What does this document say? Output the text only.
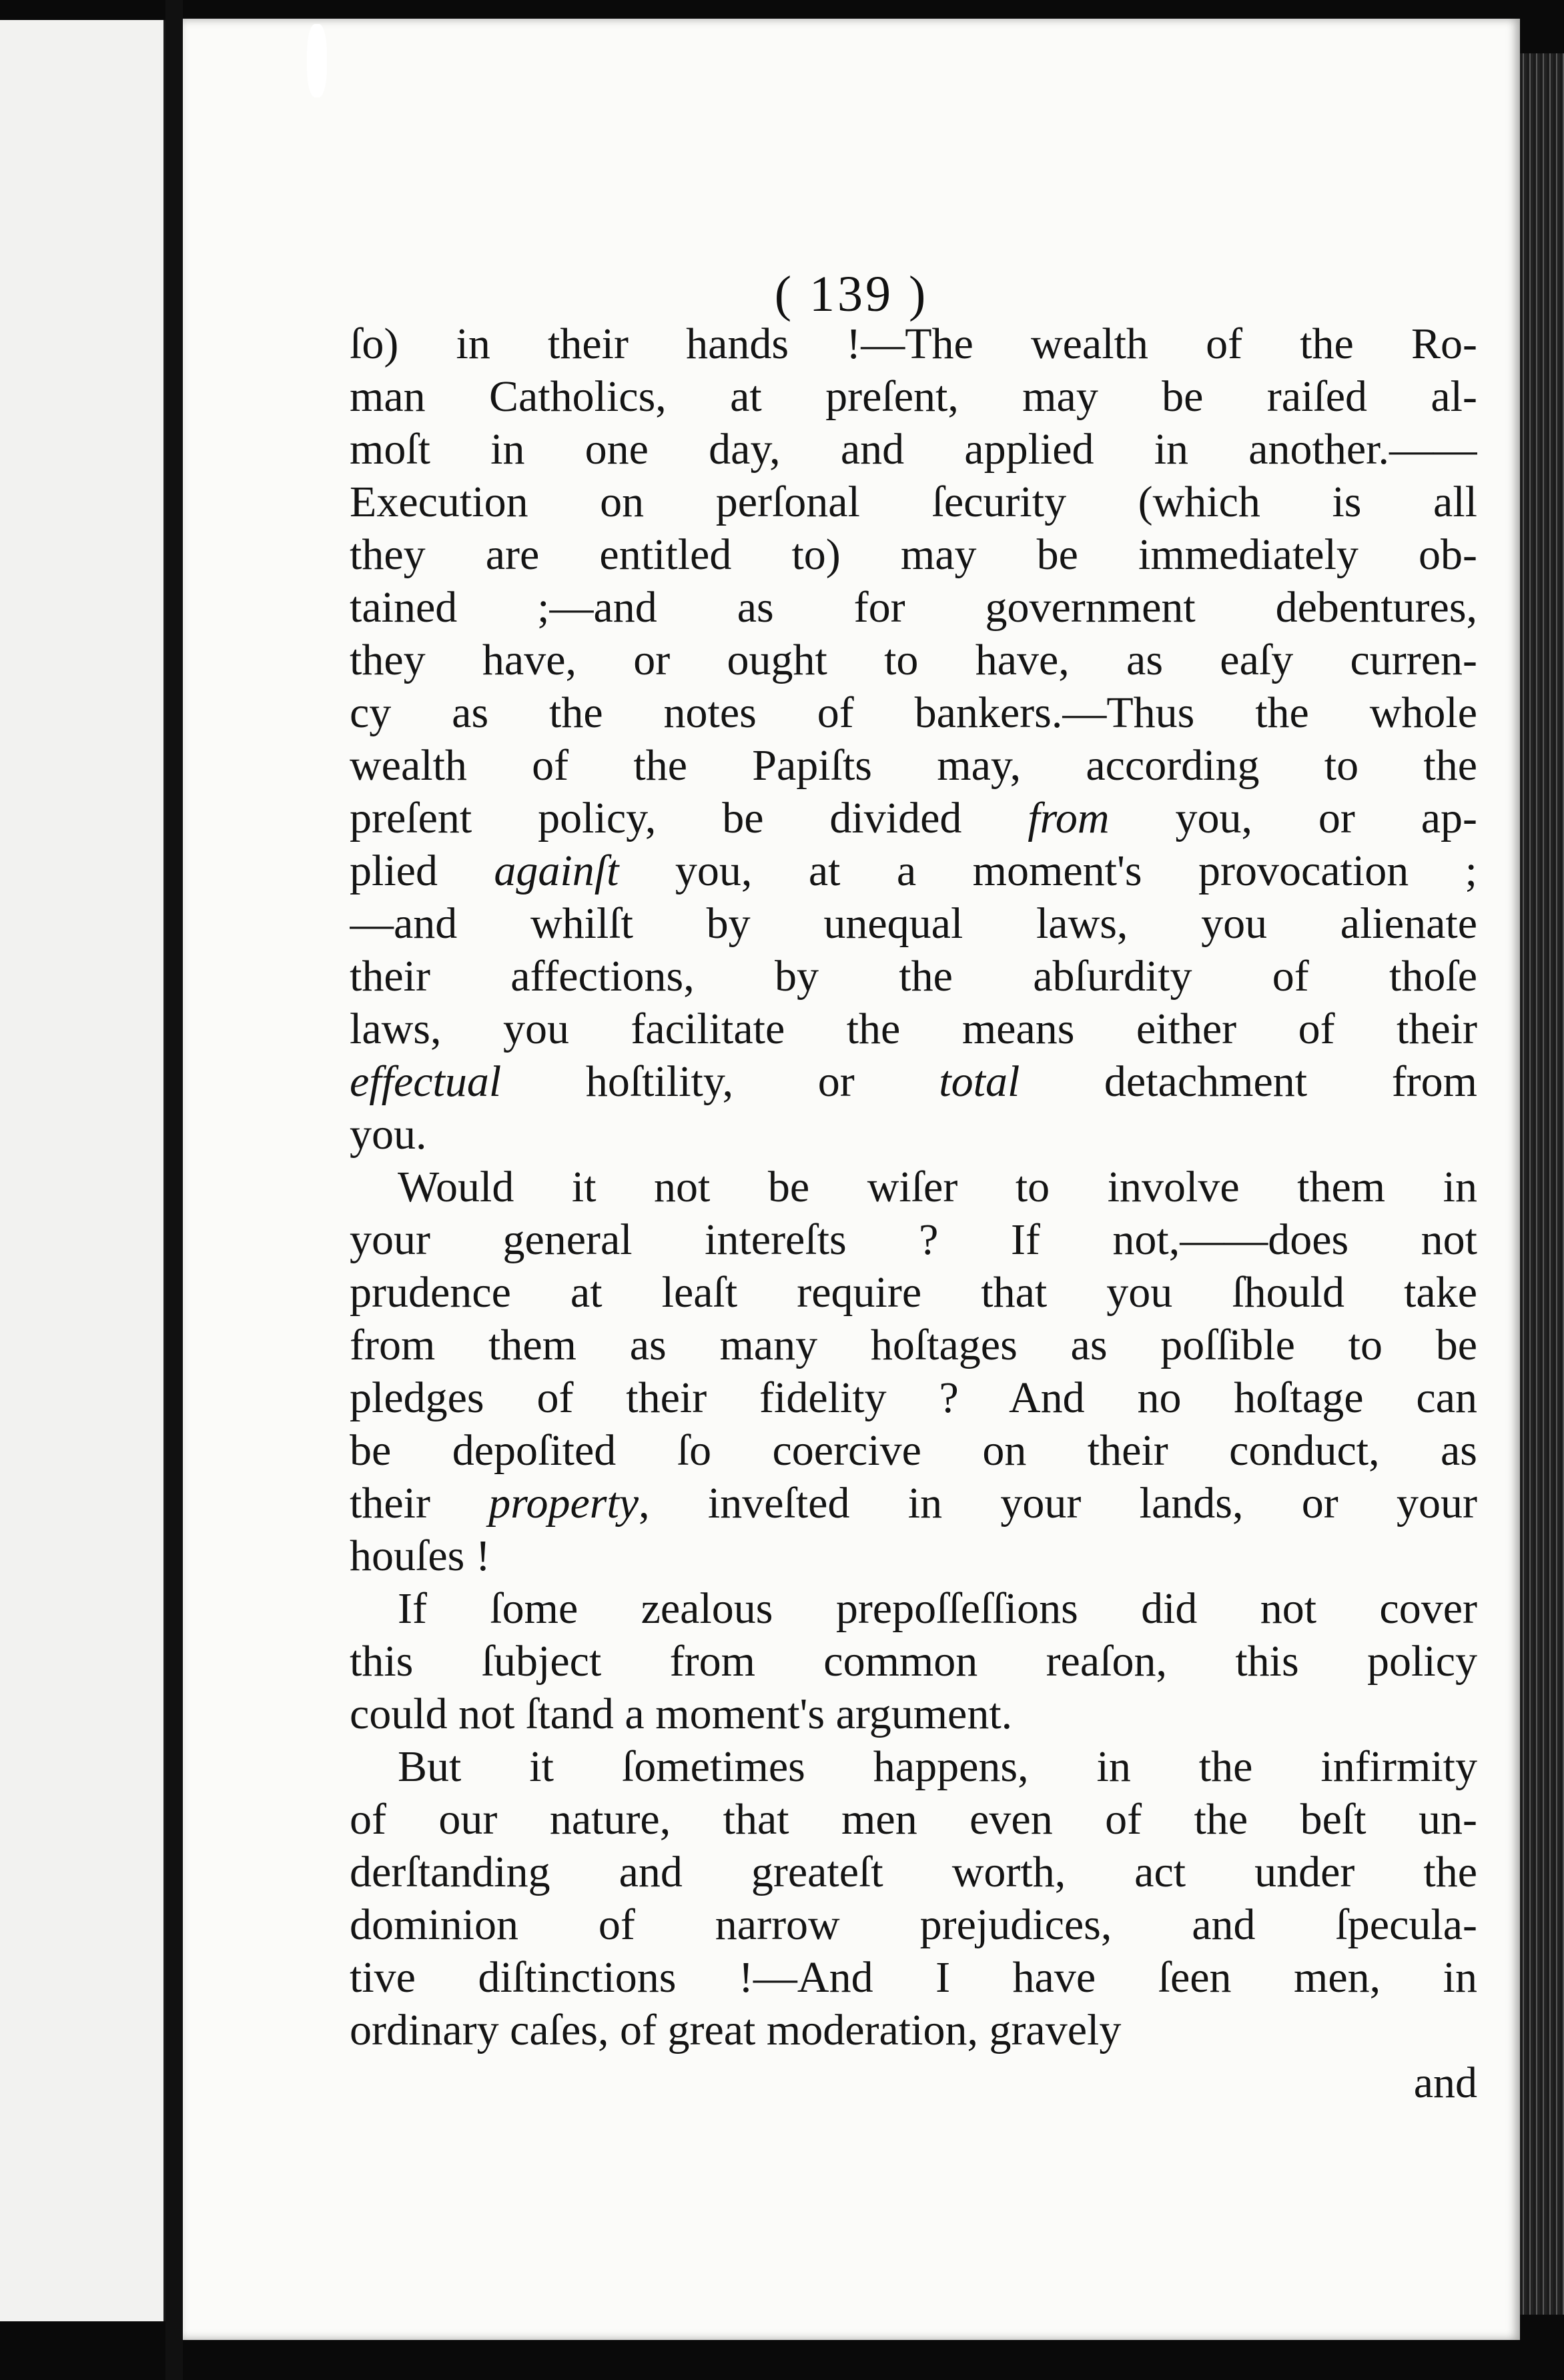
( 139 )
ſo) in their hands !—The wealth of the Ro-
man Catholics, at preſent, may be raiſed al-
moſt in one day, and applied in another.——
Execution on perſonal ſecurity (which is all
they are entitled to) may be immediately ob-
tained ;—and as for government debentures,
they have, or ought to have, as eaſy curren-
cy as the notes of bankers.—Thus the whole
wealth of the Papiſts may, according to the
preſent policy, be divided from you, or ap-
plied againſt you, at a moment's provocation ;
—and whilſt by unequal laws, you alienate
their affections, by the abſurdity of thoſe
laws, you facilitate the means either of their
effectual hoſtility, or total detachment from
you.
Would it not be wiſer to involve them in
your general intereſts ? If not,——does not
prudence at leaſt require that you ſhould take
from them as many hoſtages as poſſible to be
pledges of their fidelity ? And no hoſtage can
be depoſited ſo coercive on their conduct, as
their property, inveſted in your lands, or your
houſes !
If ſome zealous prepoſſeſſions did not cover
this ſubject from common reaſon, this policy
could not ſtand a moment's argument.
But it ſometimes happens, in the infirmity
of our nature, that men even of the beſt un-
derſtanding and greateſt worth, act under the
dominion of narrow prejudices, and ſpecula-
tive diſtinctions !—And I have ſeen men, in
ordinary caſes, of great moderation, gravely
and
